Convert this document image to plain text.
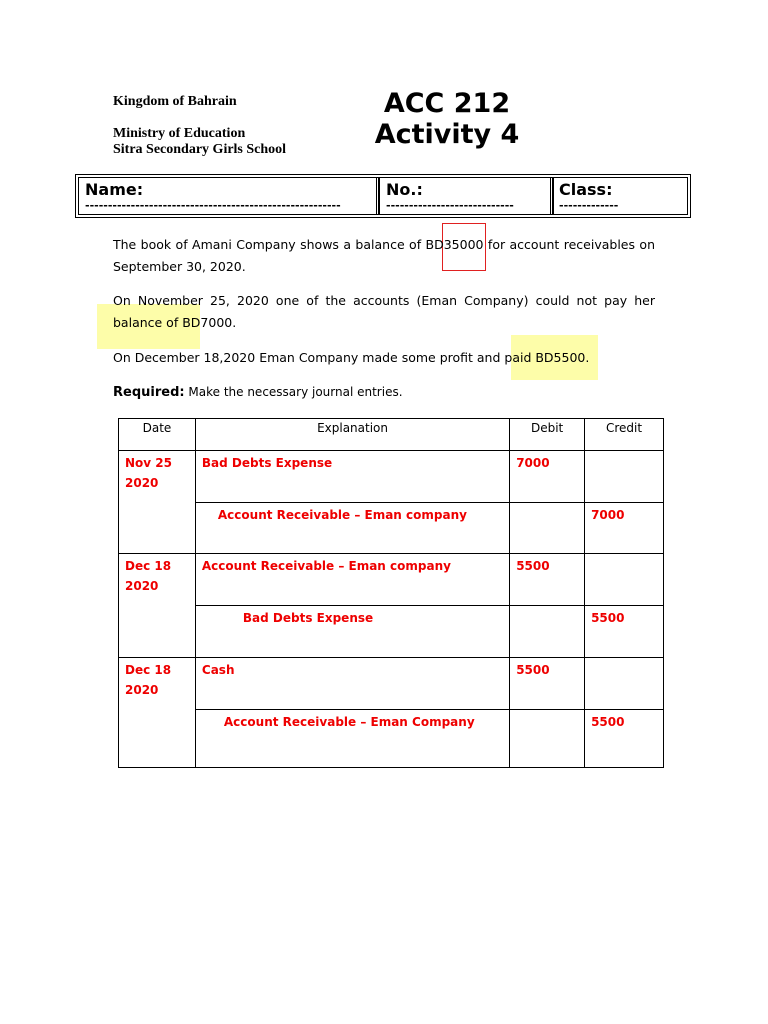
Kingdom of Bahrain
Ministry of Education
Sitra Secondary Girls School
ACC 212
Activity 4
Name:
--------------------------------------------------------
No.:
----------------------------
Class:
-------------
The book of Amani Company shows a balance of BD35000 for account receivables on September 30, 2020.
On November 25, 2020 one of the accounts (Eman Company) could not pay her balance of BD7000.
On December 18,2020 Eman Company made some profit and paid BD5500.
Required: Make the necessary journal entries.
Date	Explanation	Debit	Credit

Nov 25
2020	Bad Debts Expense	7000	

	Account Receivable – Eman company		7000

Dec 18
2020	Account Receivable – Eman company	5500	

	Bad Debts Expense		5500

Dec 18
2020	Cash	5500	

	Account Receivable – Eman Company		5500
